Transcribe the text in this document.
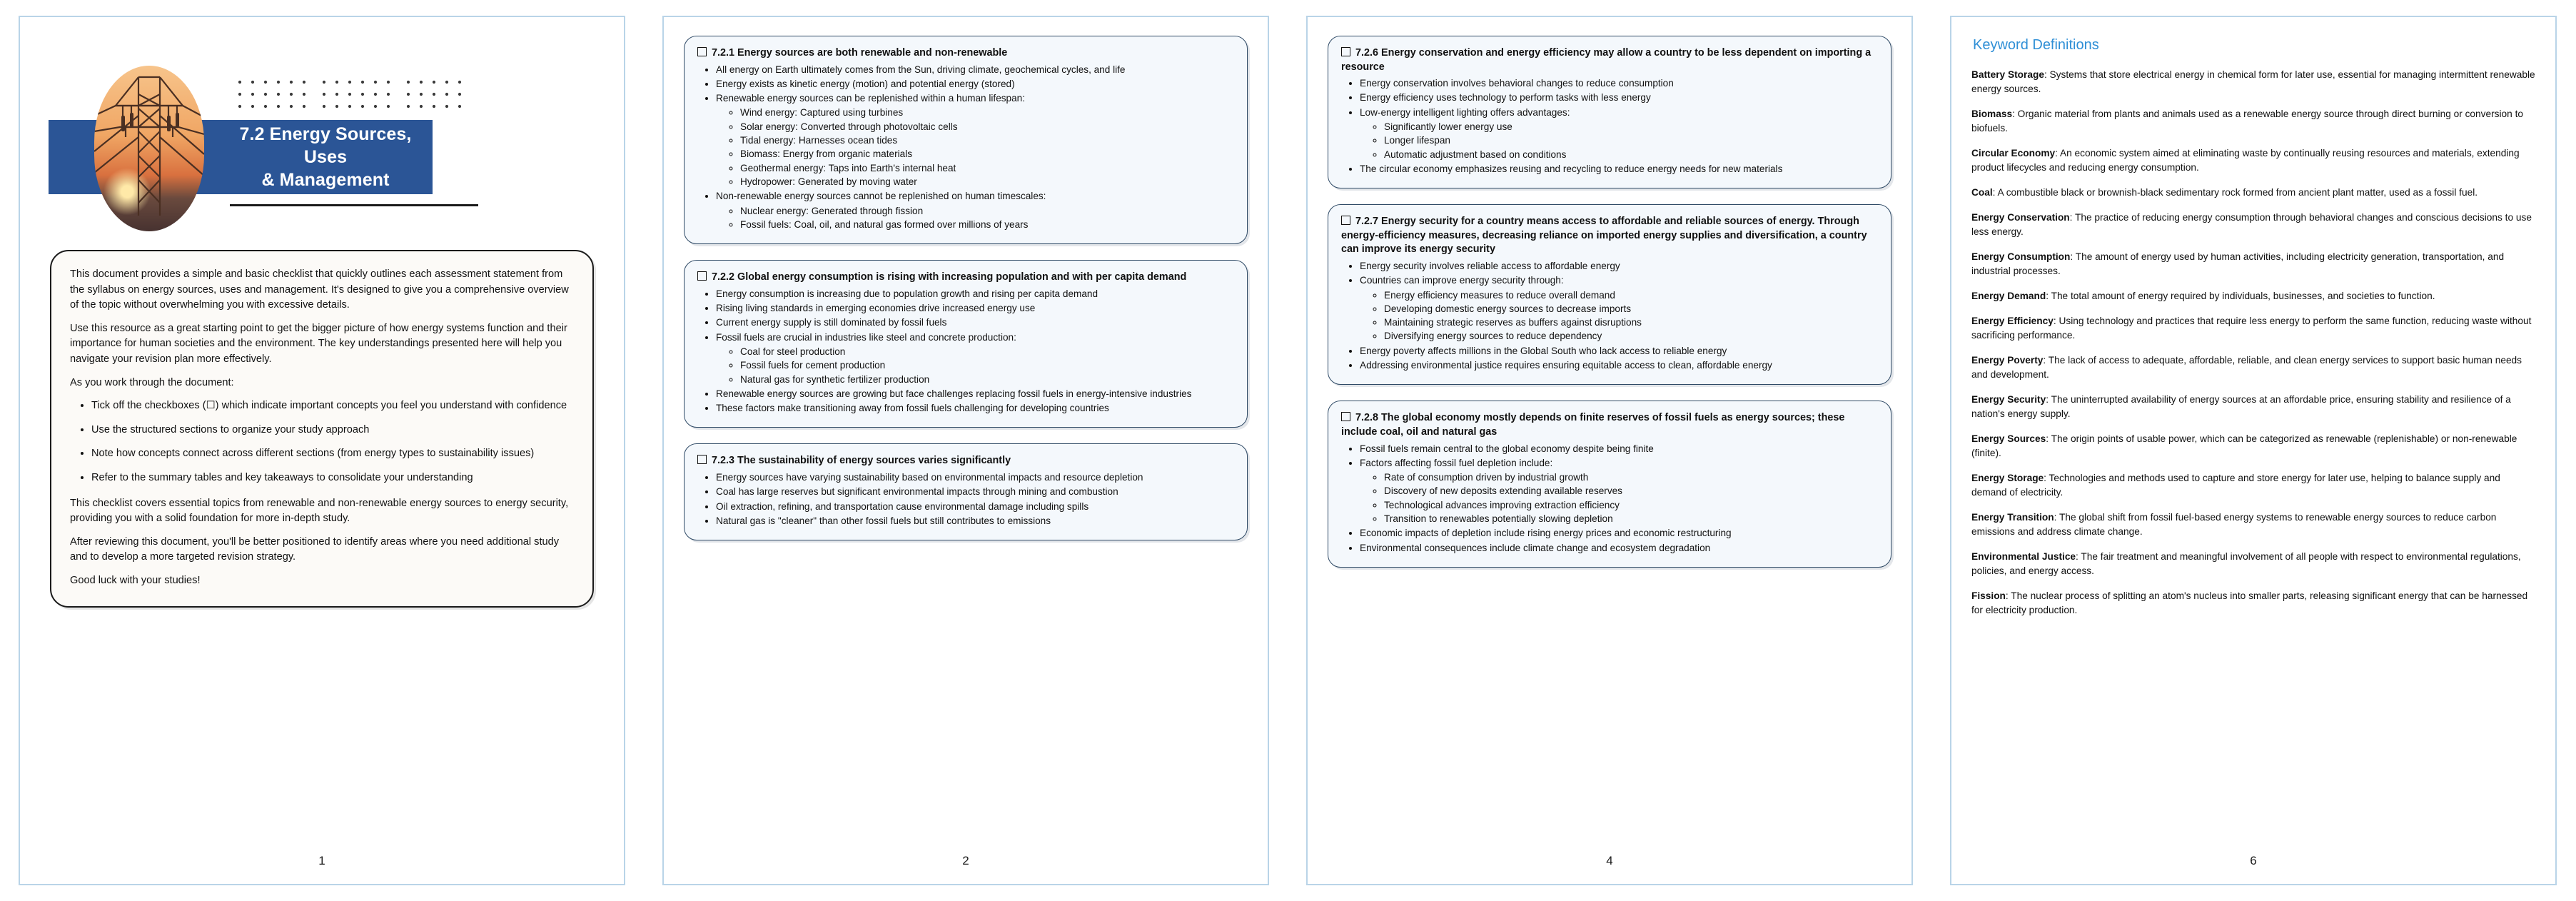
7.2 Energy Sources, Uses
& Management

This document provides a simple and basic checklist that quickly outlines each assessment statement from the syllabus on energy sources, uses and management. It's designed to give you a comprehensive overview of the topic without overwhelming you with excessive details.

Use this resource as a great starting point to get the bigger picture of how energy systems function and their importance for human societies and the environment. The key understandings presented here will help you navigate your revision plan more effectively.

As you work through the document:

• Tick off the checkboxes (☐) which indicate important concepts you feel you understand with confidence
• Use the structured sections to organize your study approach
• Note how concepts connect across different sections (from energy types to sustainability issues)
• Refer to the summary tables and key takeaways to consolidate your understanding

This checklist covers essential topics from renewable and non-renewable energy sources to energy security, providing you with a solid foundation for more in-depth study.

After reviewing this document, you'll be better positioned to identify areas where you need additional study and to develop a more targeted revision strategy.

Good luck with your studies!

1
7.2.1 Energy sources are both renewable and non-renewable
• All energy on Earth ultimately comes from the Sun, driving climate, geochemical cycles, and life
• Energy exists as kinetic energy (motion) and potential energy (stored)
• Renewable energy sources can be replenished within a human lifespan:
◦ Wind energy: Captured using turbines
◦ Solar energy: Converted through photovoltaic cells
◦ Tidal energy: Harnesses ocean tides
◦ Biomass: Energy from organic materials
◦ Geothermal energy: Taps into Earth's internal heat
◦ Hydropower: Generated by moving water
• Non-renewable energy sources cannot be replenished on human timescales:
◦ Nuclear energy: Generated through fission
◦ Fossil fuels: Coal, oil, and natural gas formed over millions of years
7.2.2 Global energy consumption is rising with increasing population and with per capita demand
• Energy consumption is increasing due to population growth and rising per capita demand
• Rising living standards in emerging economies drive increased energy use
• Current energy supply is still dominated by fossil fuels
• Fossil fuels are crucial in industries like steel and concrete production:
◦ Coal for steel production
◦ Fossil fuels for cement production
◦ Natural gas for synthetic fertilizer production
• Renewable energy sources are growing but face challenges replacing fossil fuels in energy-intensive industries
• These factors make transitioning away from fossil fuels challenging for developing countries
7.2.3 The sustainability of energy sources varies significantly
• Energy sources have varying sustainability based on environmental impacts and resource depletion
• Coal has large reserves but significant environmental impacts through mining and combustion
• Oil extraction, refining, and transportation cause environmental damage including spills
• Natural gas is "cleaner" than other fossil fuels but still contributes to emissions
2
7.2.6 Energy conservation and energy efficiency may allow a country to be less dependent on importing a resource
• Energy conservation involves behavioral changes to reduce consumption
• Energy efficiency uses technology to perform tasks with less energy
• Low-energy intelligent lighting offers advantages:
◦ Significantly lower energy use
◦ Longer lifespan
◦ Automatic adjustment based on conditions
• The circular economy emphasizes reusing and recycling to reduce energy needs for new materials
7.2.7 Energy security for a country means access to affordable and reliable sources of energy. Through energy-efficiency measures, decreasing reliance on imported energy supplies and diversification, a country can improve its energy security
• Energy security involves reliable access to affordable energy
• Countries can improve energy security through:
◦ Energy efficiency measures to reduce overall demand
◦ Developing domestic energy sources to decrease imports
◦ Maintaining strategic reserves as buffers against disruptions
◦ Diversifying energy sources to reduce dependency
• Energy poverty affects millions in the Global South who lack access to reliable energy
• Addressing environmental justice requires ensuring equitable access to clean, affordable energy
7.2.8 The global economy mostly depends on finite reserves of fossil fuels as energy sources; these include coal, oil and natural gas
• Fossil fuels remain central to the global economy despite being finite
• Factors affecting fossil fuel depletion include:
◦ Rate of consumption driven by industrial growth
◦ Discovery of new deposits extending available reserves
◦ Technological advances improving extraction efficiency
◦ Transition to renewables potentially slowing depletion
• Economic impacts of depletion include rising energy prices and economic restructuring
• Environmental consequences include climate change and ecosystem degradation
4
Keyword Definitions

Battery Storage: Systems that store electrical energy in chemical form for later use, essential for managing intermittent renewable energy sources.

Biomass: Organic material from plants and animals used as a renewable energy source through direct burning or conversion to biofuels.

Circular Economy: An economic system aimed at eliminating waste by continually reusing resources and materials, extending product lifecycles and reducing energy consumption.

Coal: A combustible black or brownish-black sedimentary rock formed from ancient plant matter, used as a fossil fuel.

Energy Conservation: The practice of reducing energy consumption through behavioral changes and conscious decisions to use less energy.

Energy Consumption: The amount of energy used by human activities, including electricity generation, transportation, and industrial processes.

Energy Demand: The total amount of energy required by individuals, businesses, and societies to function.

Energy Efficiency: Using technology and practices that require less energy to perform the same function, reducing waste without sacrificing performance.

Energy Poverty: The lack of access to adequate, affordable, reliable, and clean energy services to support basic human needs and development.

Energy Security: The uninterrupted availability of energy sources at an affordable price, ensuring stability and resilience of a nation's energy supply.

Energy Sources: The origin points of usable power, which can be categorized as renewable (replenishable) or non-renewable (finite).

Energy Storage: Technologies and methods used to capture and store energy for later use, helping to balance supply and demand of electricity.

Energy Transition: The global shift from fossil fuel-based energy systems to renewable energy sources to reduce carbon emissions and address climate change.

Environmental Justice: The fair treatment and meaningful involvement of all people with respect to environmental regulations, policies, and energy access.

Fission: The nuclear process of splitting an atom's nucleus into smaller parts, releasing significant energy that can be harnessed for electricity production.

6
